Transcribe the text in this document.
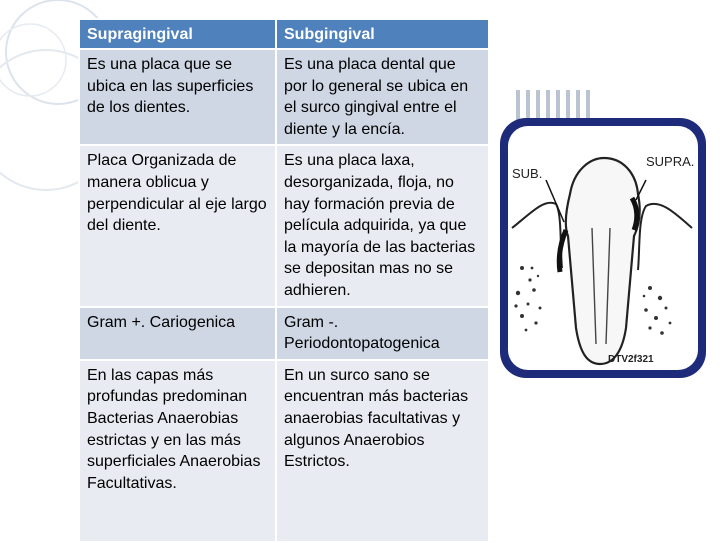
Supragingival	Subgingival
Es una placa que se ubica en las superficies de los dientes.	Es una placa dental que por lo general se ubica en el surco gingival entre el diente y la encía.
Placa Organizada de manera oblicua y perpendicular al eje largo del diente.	Es una placa laxa, desorganizada, floja, no hay formación previa de película adquirida, ya que la mayoría de las bacterias se depositan mas no se adhieren.
Gram +. Cariogenica	Gram -. Periodontopatogenica
En las capas más profundas predominan Bacterias Anaerobias estrictas y en las más superficiales Anaerobias Facultativas.	En un surco sano se encuentran más bacterias anaerobias facultativas y algunos Anaerobios Estrictos.
SUB.
SUPRA.
DTV2f321
